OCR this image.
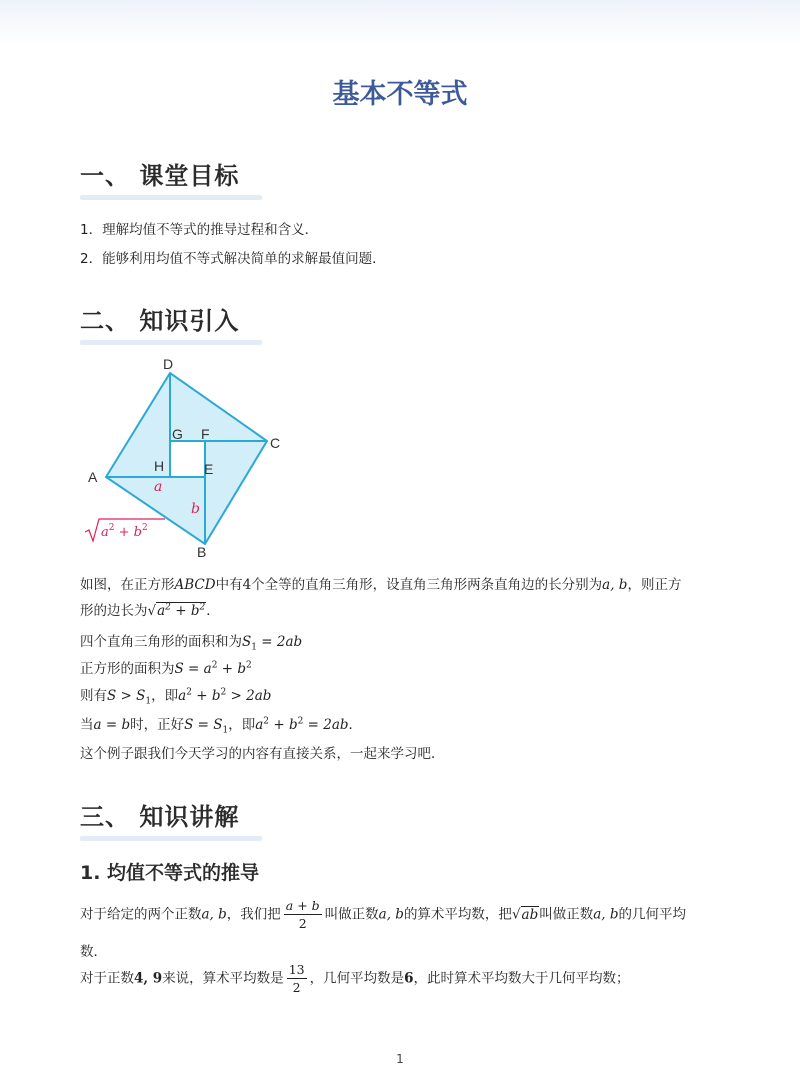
基本不等式
一、 课堂目标
1．理解均值不等式的推导过程和含义．
2．能够利用均值不等式解决简单的求解最值问题．
二、 知识引入
D
C
A
B
G F
H	E
a
b
$a^2 + b^2$
如图，在正方形ABCD中有4个全等的直角三角形，设直角三角形两条直角边的长分别为a, b，则正方
形的边长为$√a^2 + b^2$．
四个直角三角形的面积和为$S_1 = 2ab$
正方形的面积为$S = a^2 + b^2$
则有$S > S_1$，即$a^2 + b^2 > 2ab$
当a = b时，正好$S = S_1$，即$a^2 + b^2 = 2ab$．
这个例子跟我们今天学习的内容有直接关系，一起来学习吧．
三、 知识讲解
1. 均值不等式的推导
对于给定的两个正数a, b，我们把 $\frac{a + b}{2}$ 叫做正数a, b的算术平均数，把√ab叫做正数a, b的几何平均
数．
对于正数4, 9来说，算术平均数是 $\frac{13}{2}$ ，几何平均数是6，此时算术平均数大于几何平均数；
1
